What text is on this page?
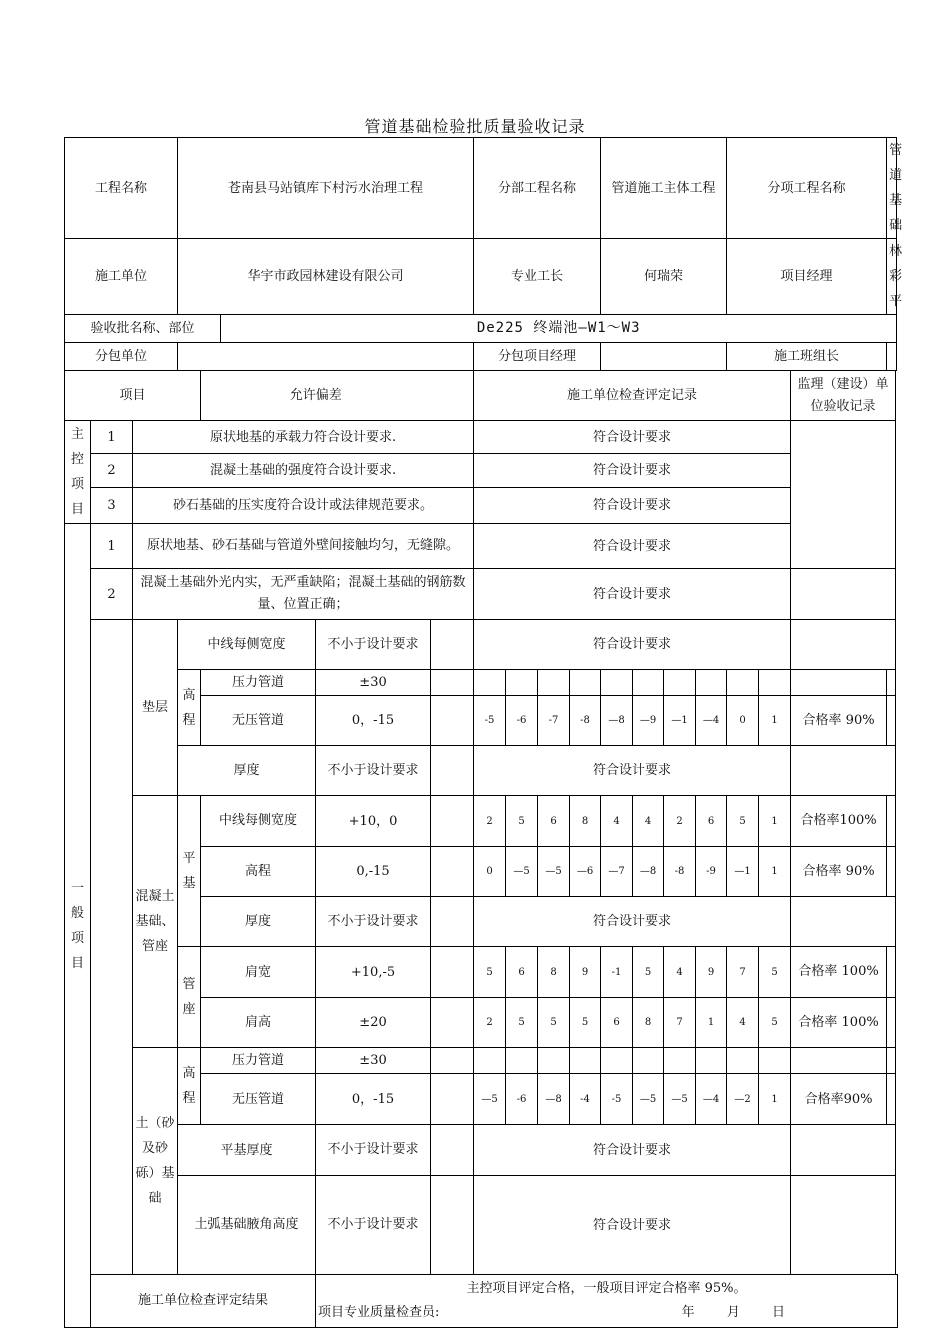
管道基础检验批质量验收记录
工程名称			苍南县马站镇库下村污水治理工程					分部工程名称				管道施工主体工程				分项工程名称			管道基础
施工单位			华宇市政园林建设有限公司					专业工长				何瑞荣				项目经理			林彩平
验收批名称、部位					De225 终端池—W1～W3														
分包单位								分包项目经理								施工班组长			
项目				允许偏差				施工单位检查评定记录										监理（建设）单位验收记录	
主控项目	1	原状地基的承载力符合设计要求.						符合设计要求											
	2	混凝土基础的强度符合设计要求.						符合设计要求											
	3	砂石基础的压实度符合设计或法律规范要求。						符合设计要求											
一般项目	1	原状地基、砂石基础与管道外壁间接触均匀，无缝隙。						符合设计要求											
	2	混凝土基础外光内实，无严重缺陷；混凝土基础的钢筋数量、位置正确；						符合设计要求											
		垫层	中线每侧宽度			不小于设计要求		符合设计要求											
			高程	压力管道		±30													
				无压管道		0，-15		-5	-6	-7	-8	—8	—9	—1	—4	0	1	合格率 90%	
			厚度			不小于设计要求		符合设计要求											
		混凝土基础、管座	平基	中线每侧宽度		+10，0		2	5	6	8	4	4	2	6	5	1	合格率100%	
				高程		0,-15		0	—5	—5	—6	—7	—8	-8	-9	—1	1	合格率 90%	
				厚度		不小于设计要求		符合设计要求											
			管座	肩宽		+10,-5		5	6	8	9	-1	5	4	9	7	5	合格率 100%	
				肩高		±20		2	5	5	5	6	8	7	1	4	5	合格率 100%	
		土（砂及砂砾）基础	高程	压力管道		±30													
				无压管道		0，-15		—5	-6	—8	-4	-5	—5	—5	—4	—2	1	合格率90%	
			平基厚度			不小于设计要求		符合设计要求											
			土弧基础腋角高度			不小于设计要求		符合设计要求											
	施工单位检查评定结果					主控项目评定合格，一般项目评定合格率 95%。
项目专业质量检查员: 年 月 日													
